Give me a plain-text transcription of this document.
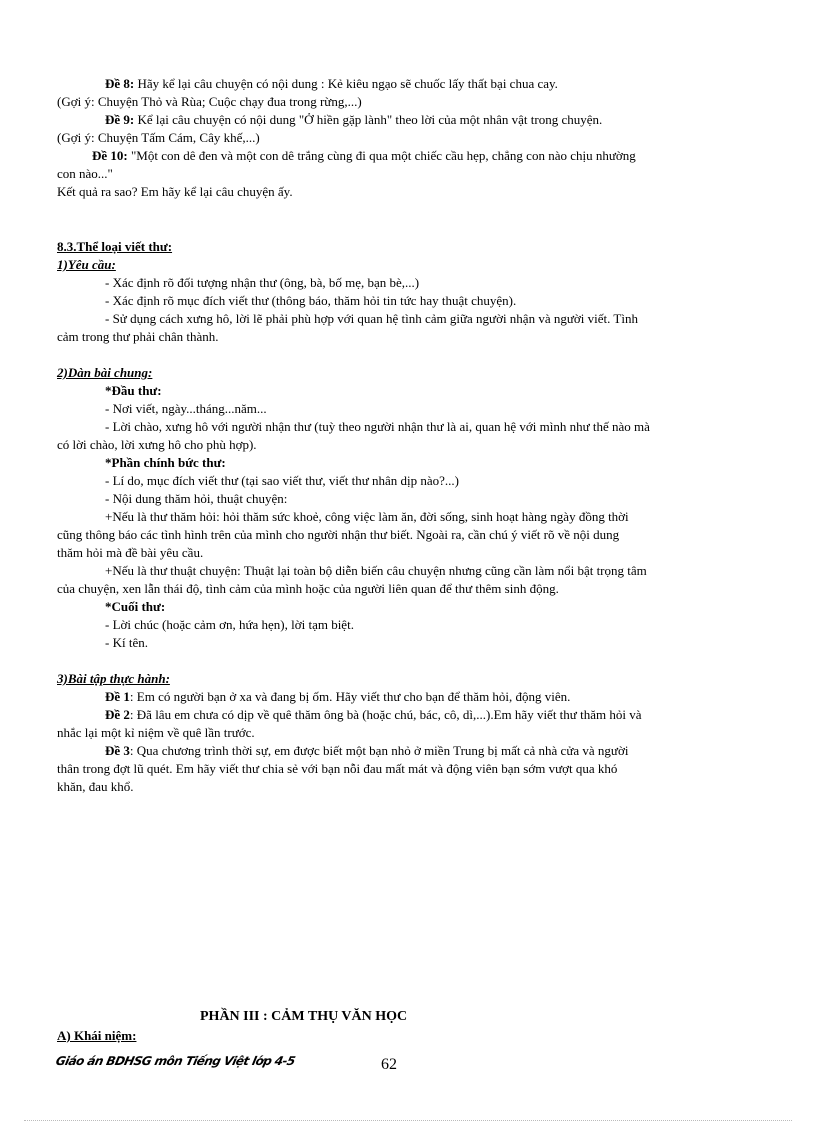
Đề 8: Hãy kể lại câu chuyện có nội dung : Kẻ kiêu ngạo sẽ chuốc lấy thất bại chua cay.
(Gợi ý: Chuyện Thỏ và Rùa; Cuộc chạy đua trong rừng,...)
Đề 9: Kể lại câu chuyện có nội dung "Ở hiền gặp lành" theo lời của một nhân vật trong chuyện.
(Gợi ý: Chuyện Tấm Cám, Cây khế,...)
Đề 10: "Một con dê đen và một con dê trắng cùng đi qua một chiếc cầu hẹp, chẳng con nào chịu nhường
con nào..."
Kết quả ra sao? Em hãy kể lại câu chuyện ấy.
8.3.Thể loại viết thư:
1)Yêu cầu:
- Xác định rõ đối tượng nhận thư (ông, bà, bố mẹ, bạn bè,...)
- Xác định rõ mục đích viết thư (thông báo, thăm hỏi tin tức hay thuật chuyện).
- Sử dụng cách xưng hô, lời lẽ phải phù hợp với quan hệ tình cảm giữa người nhận và người viết. Tình
cảm trong thư phải chân thành.
2)Dàn bài chung:
*Đầu thư:
- Nơi viết, ngày...tháng...năm...
- Lời chào, xưng hô với người nhận thư (tuỳ theo người nhận thư là ai, quan hệ với mình như thế nào mà
có lời chào, lời xưng hô cho phù hợp).
*Phần chính bức thư:
- Lí do, mục đích viết thư (tại sao viết thư, viết thư nhân dịp nào?...)
- Nội dung thăm hỏi, thuật chuyện:
+Nếu là thư thăm hỏi: hỏi thăm sức khoẻ, công việc làm ăn, đời sống, sinh hoạt hàng ngày đồng thời
cũng thông báo các tình hình trên của mình cho người nhận thư biết. Ngoài ra, cần chú ý viết rõ về nội dung
thăm hỏi mà đề bài yêu cầu.
+Nếu là thư thuật chuyện: Thuật lại toàn bộ diễn biến câu chuyện nhưng cũng cần làm nổi bật trọng tâm
của chuyện, xen lẫn thái độ, tình cảm của mình hoặc của người liên quan để thư thêm sinh động.
*Cuối thư:
- Lời chúc (hoặc cảm ơn, hứa hẹn), lời tạm biệt.
- Kí tên.
3)Bài tập thực hành:
Đề 1: Em có người bạn ở xa và đang bị ốm. Hãy viết thư cho bạn để thăm hỏi, động viên.
Đề 2: Đã lâu em chưa có dịp về quê thăm ông bà (hoặc chú, bác, cô, dì,...).Em hãy viết thư thăm hỏi và
nhắc lại một kỉ niệm về quê lần trước.
Đề 3: Qua chương trình thời sự, em được biết một bạn nhỏ ở miền Trung bị mất cả nhà cửa và người
thân trong đợt lũ quét. Em hãy viết thư chia sẻ với bạn nỗi đau mất mát và động viên bạn sớm vượt qua khó
khăn, đau khổ.
PHẦN III : CẢM THỤ VĂN HỌC
A) Khái niệm:
Giáo án BDHSG môn Tiếng Việt lớp 4-5	62
